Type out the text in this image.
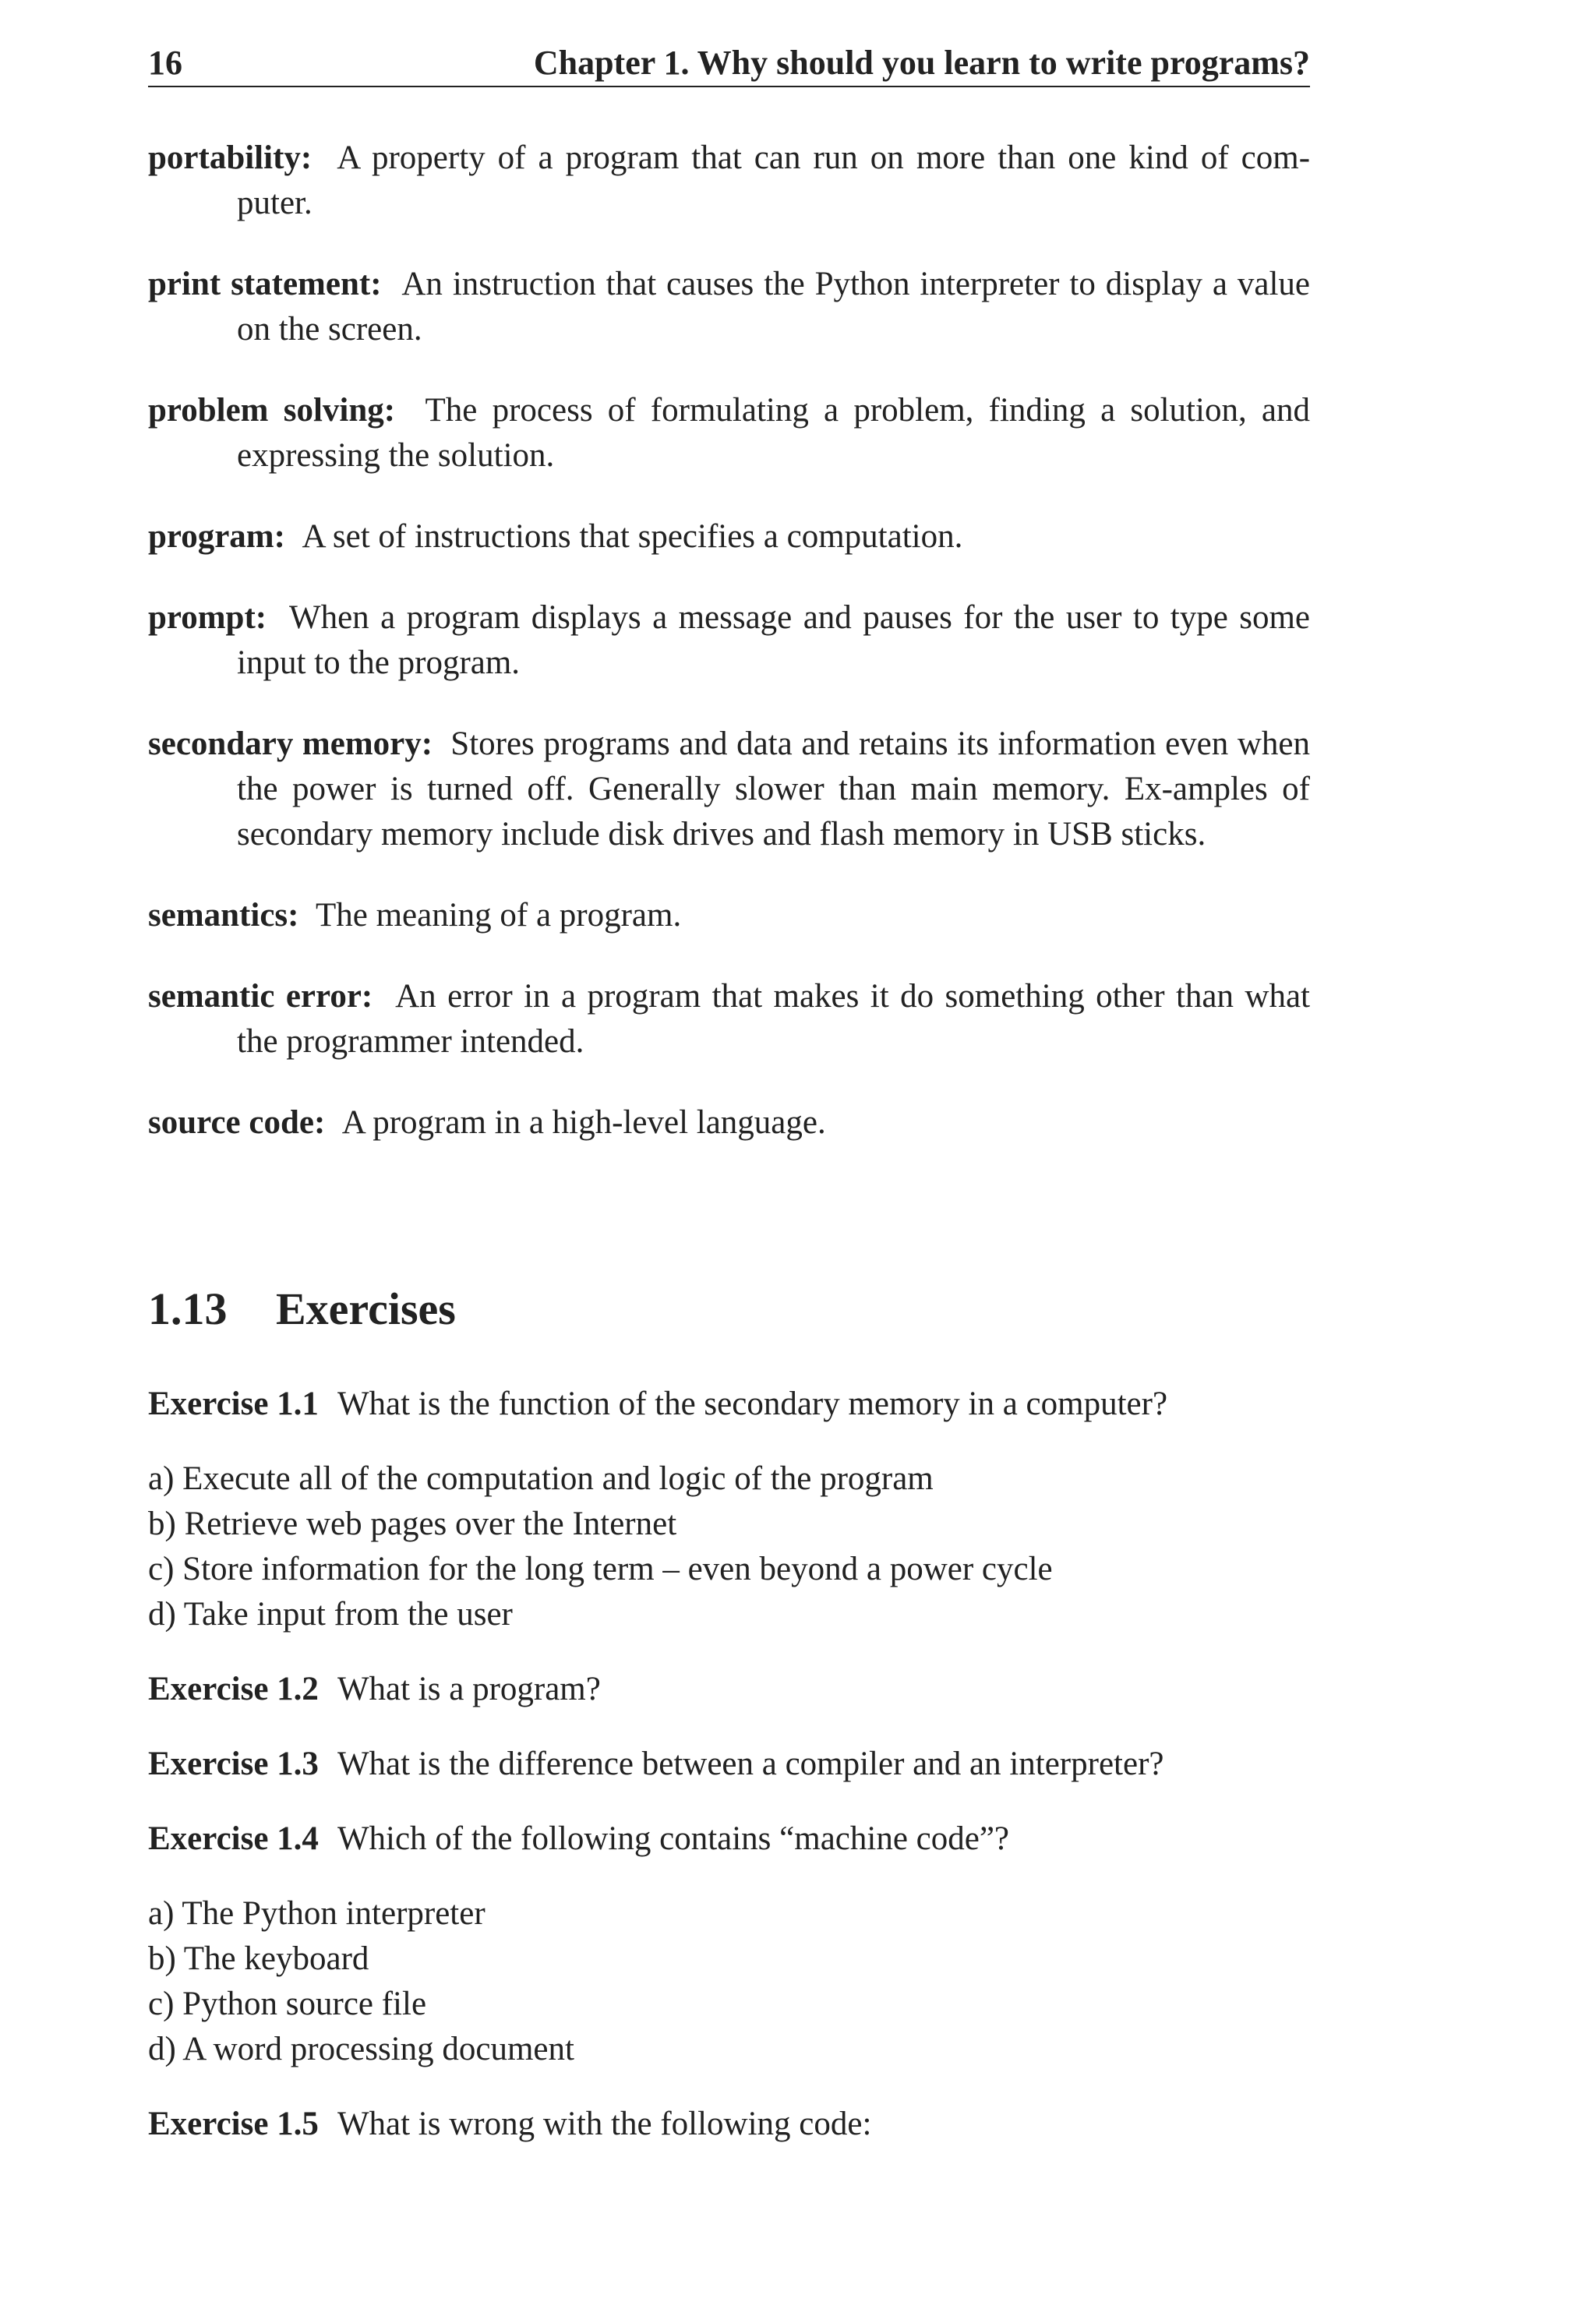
16	Chapter 1. Why should you learn to write programs?

portability: A property of a program that can run on more than one kind of com-puter.

print statement: An instruction that causes the Python interpreter to display a value on the screen.

problem solving: The process of formulating a problem, finding a solution, and expressing the solution.

program: A set of instructions that specifies a computation.

prompt: When a program displays a message and pauses for the user to type some input to the program.

secondary memory: Stores programs and data and retains its information even when the power is turned off. Generally slower than main memory. Ex-amples of secondary memory include disk drives and flash memory in USB sticks.

semantics: The meaning of a program.

semantic error: An error in a program that makes it do something other than what the programmer intended.

source code: A program in a high-level language.

1.13 Exercises

Exercise 1.1 What is the function of the secondary memory in a computer?

a) Execute all of the computation and logic of the program
b) Retrieve web pages over the Internet
c) Store information for the long term – even beyond a power cycle
d) Take input from the user

Exercise 1.2 What is a program?

Exercise 1.3 What is the difference between a compiler and an interpreter?

Exercise 1.4 Which of the following contains “machine code”?

a) The Python interpreter
b) The keyboard
c) Python source file
d) A word processing document

Exercise 1.5 What is wrong with the following code:
